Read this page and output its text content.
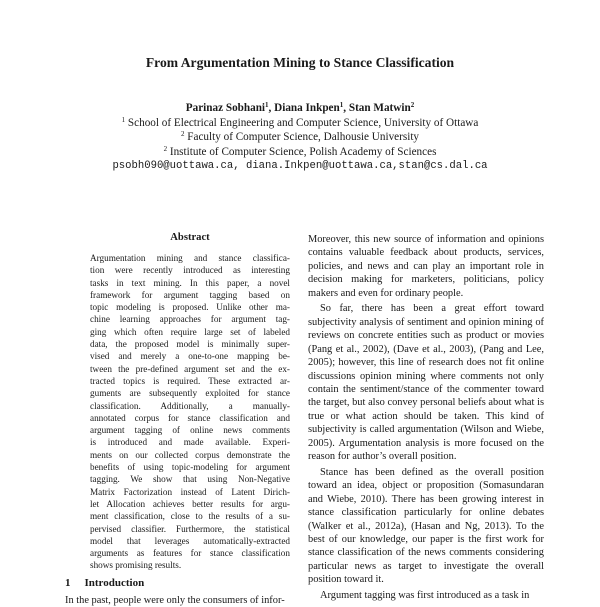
From Argumentation Mining to Stance Classification
Parinaz Sobhani$^1$, Diana Inkpen$^1$, Stan Matwin$^2$
$^1$ School of Electrical Engineering and Computer Science, University of Ottawa
$^2$ Faculty of Computer Science, Dalhousie University
$^2$ Institute of Computer Science, Polish Academy of Sciences
psobh090@uottawa.ca, diana.Inkpen@uottawa.ca,stan@cs.dal.ca
Abstract
Argumentation mining and stance classifica-
tion were recently introduced as interesting
tasks in text mining. In this paper, a novel
framework for argument tagging based on
topic modeling is proposed. Unlike other ma-
chine learning approaches for argument tag-
ging which often require large set of labeled
data, the proposed model is minimally super-
vised and merely a one-to-one mapping be-
tween the pre-defined argument set and the ex-
tracted topics is required. These extracted ar-
guments are subsequently exploited for stance
classification. Additionally, a manually-
annotated corpus for stance classification and
argument tagging of online news comments
is introduced and made available. Experi-
ments on our collected corpus demonstrate the
benefits of using topic-modeling for argument
tagging. We show that using Non-Negative
Matrix Factorization instead of Latent Dirich-
let Allocation achieves better results for argu-
ment classification, close to the results of a su-
pervised classifier. Furthermore, the statistical
model that leverages automatically-extracted
arguments as features for stance classification
shows promising results.
1 Introduction
In the past, people were only the consumers of infor-

Moreover, this new source of information and opinions contains valuable feedback about products, services, policies, and news and can play an important role in decision making for marketers, politicians, policy makers and even for ordinary people.

So far, there has been a great effort toward subjectivity analysis of sentiment and opinion mining of reviews on concrete entities such as product or movies (Pang et al., 2002), (Dave et al., 2003), (Pang and Lee, 2005); however, this line of research does not fit online discussions opinion mining where comments not only contain the sentiment/stance of the commenter toward the target, but also convey personal beliefs about what is true or what action should be taken. This kind of subjectivity is called argumentation (Wilson and Wiebe, 2005). Argumentation analysis is more focused on the reason for author’s overall position.

Stance has been defined as the overall position toward an idea, object or proposition (Somasundaran and Wiebe, 2010). There has been growing interest in stance classification particularly for online debates (Walker et al., 2012a), (Hasan and Ng, 2013). To the best of our knowledge, our paper is the first work for stance classification of the news comments considering particular news as target to investigate the overall position toward it.

Argument tagging was first introduced as a task in
